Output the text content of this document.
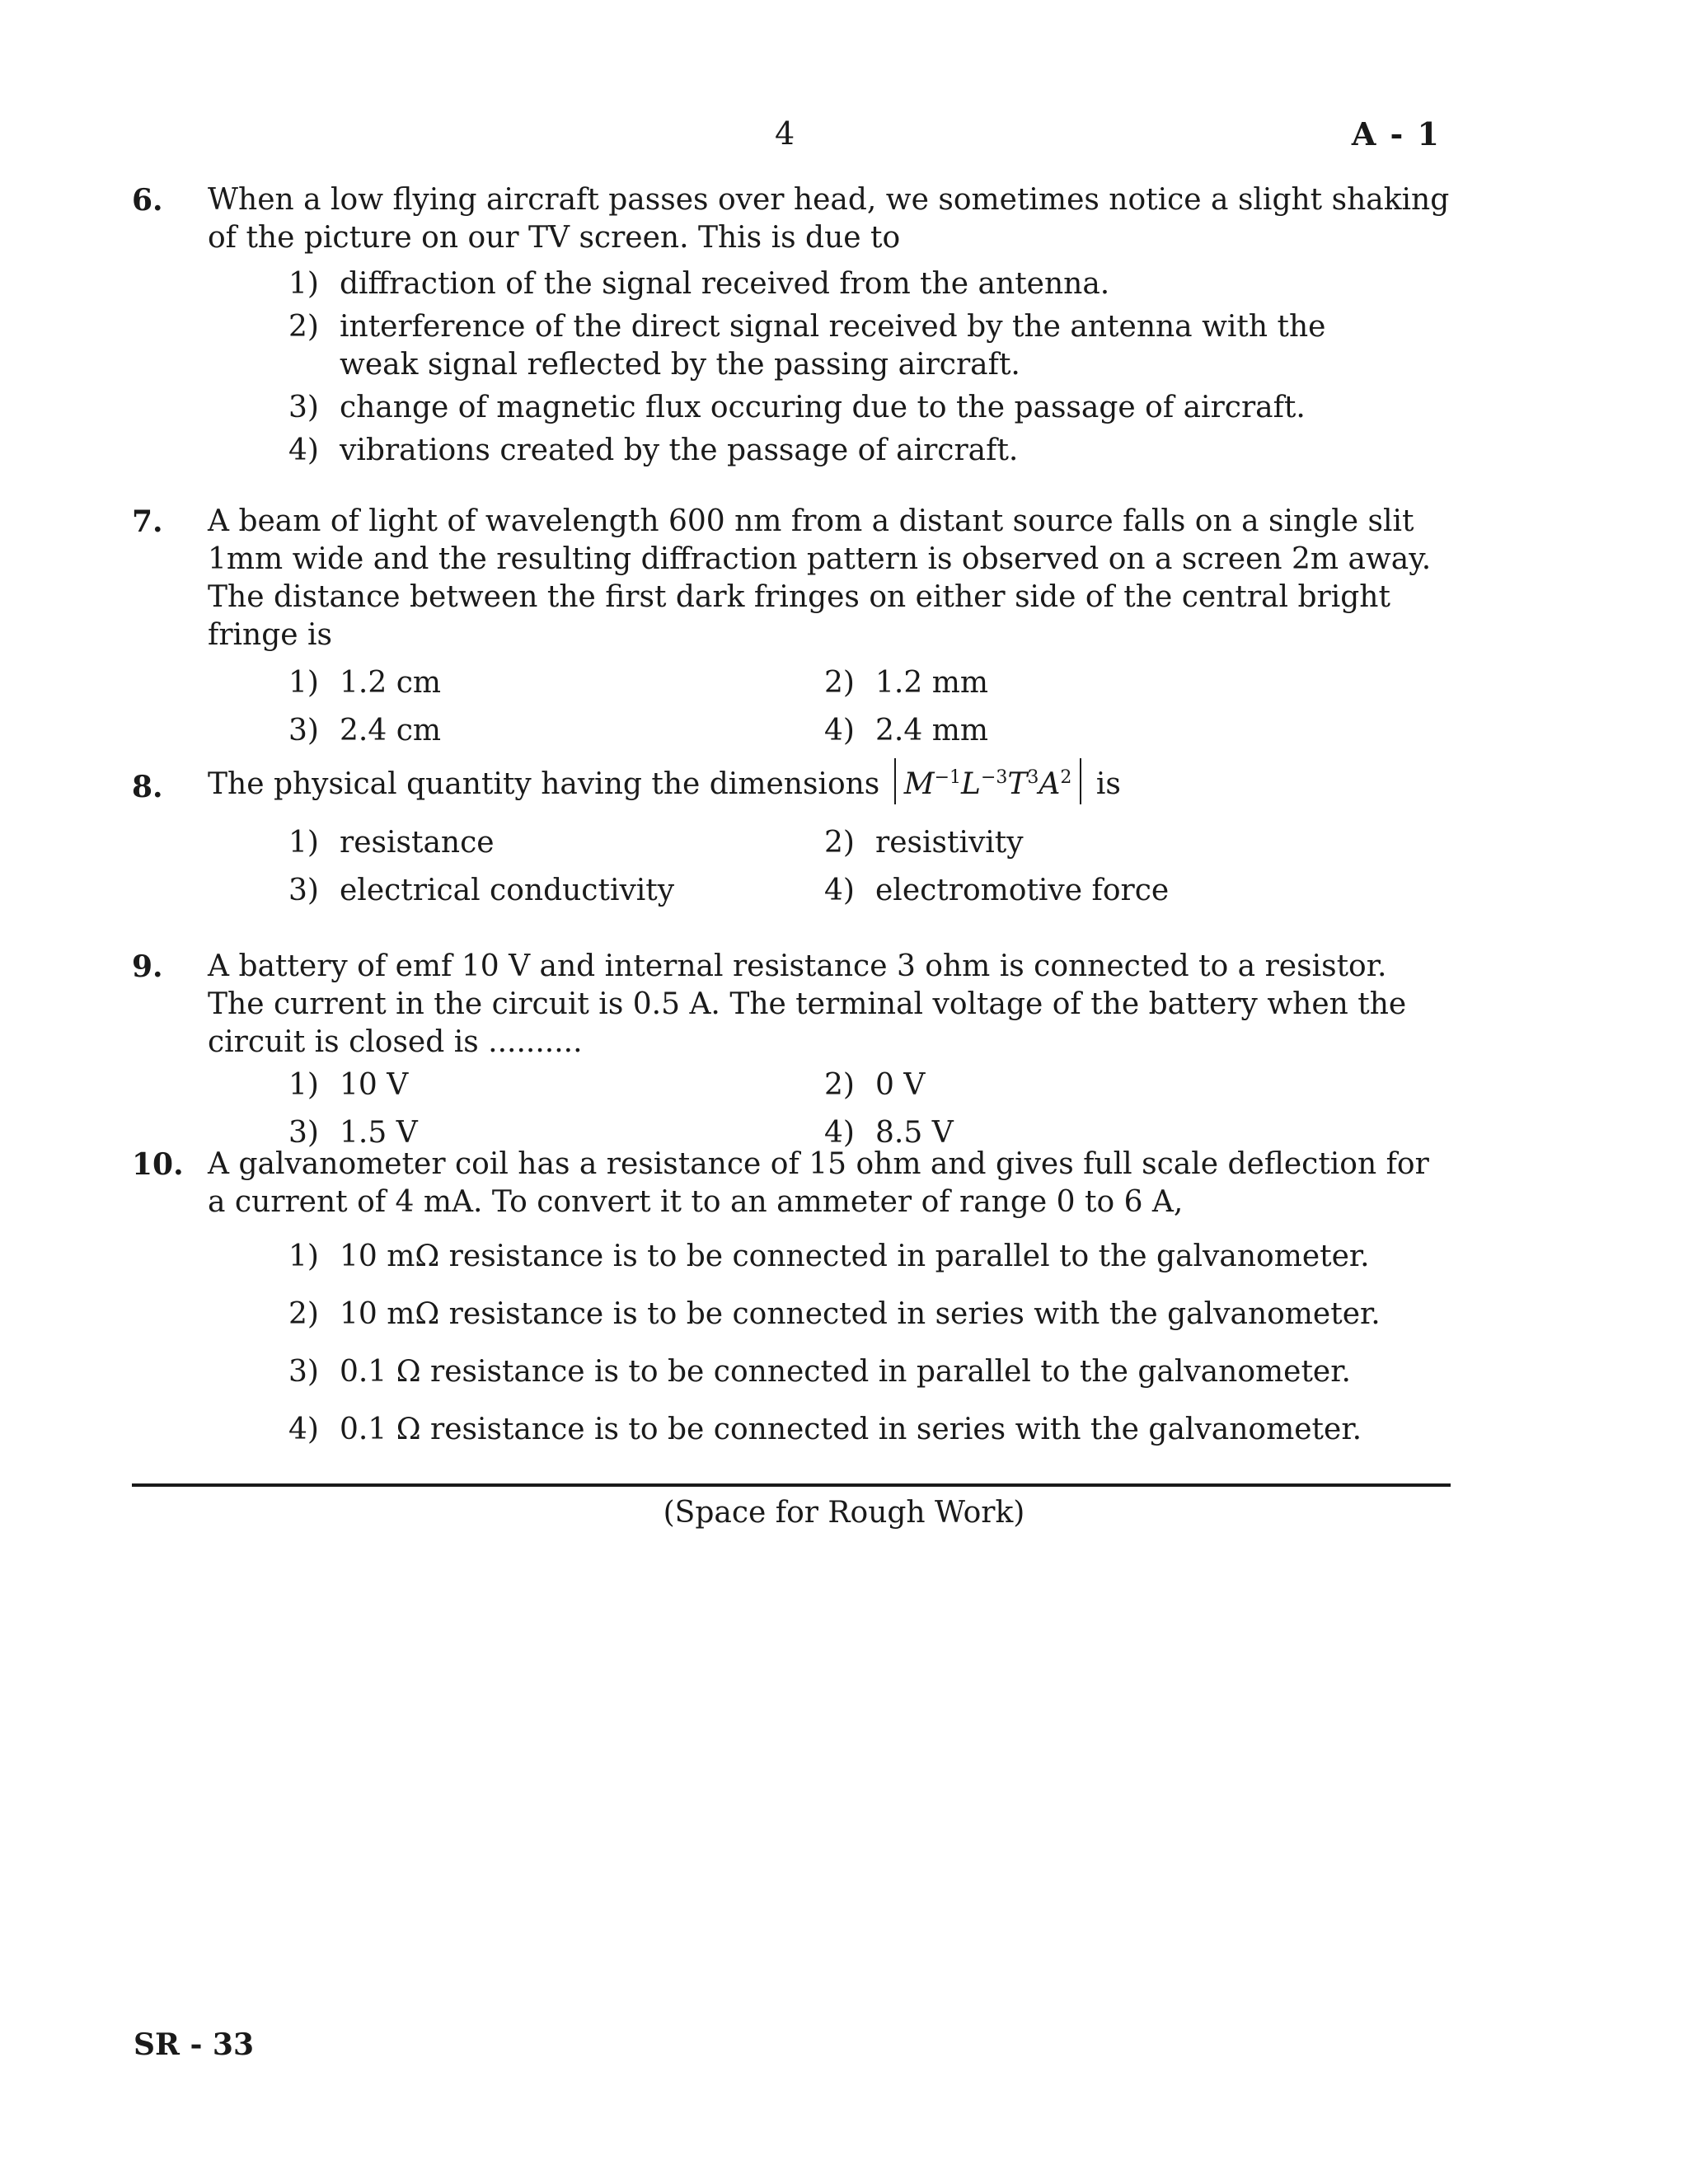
4	A - 1
6. When a low flying aircraft passes over head, we sometimes notice a slight shaking of the picture on our TV screen. This is due to
1) diffraction of the signal received from the antenna.
2) interference of the direct signal received by the antenna with the weak signal reflected by the passing aircraft.
3) change of magnetic flux occuring due to the passage of aircraft.
4) vibrations created by the passage of aircraft.
7. A beam of light of wavelength 600 nm from a distant source falls on a single slit 1mm wide and the resulting diffraction pattern is observed on a screen 2m away. The distance between the first dark fringes on either side of the central bright fringe is
1) 1.2 cm	2) 1.2 mm
3) 2.4 cm	4) 2.4 mm
8. The physical quantity having the dimensions $M^{-1}L^{-3}T^3A^2$ is
1) resistance	2) resistivity
3) electrical conductivity	4) electromotive force
9. A battery of emf 10 V and internal resistance 3 ohm is connected to a resistor. The current in the circuit is 0.5 A. The terminal voltage of the battery when the circuit is closed is ..........
1) 10 V	2) 0 V
3) 1.5 V	4) 8.5 V
10. A galvanometer coil has a resistance of 15 ohm and gives full scale deflection for a current of 4 mA. To convert it to an ammeter of range 0 to 6 A,
1) 10 mΩ resistance is to be connected in parallel to the galvanometer.
2) 10 mΩ resistance is to be connected in series with the galvanometer.
3) 0.1 Ω resistance is to be connected in parallel to the galvanometer.
4) 0.1 Ω resistance is to be connected in series with the galvanometer.
(Space for Rough Work)
SR - 33
